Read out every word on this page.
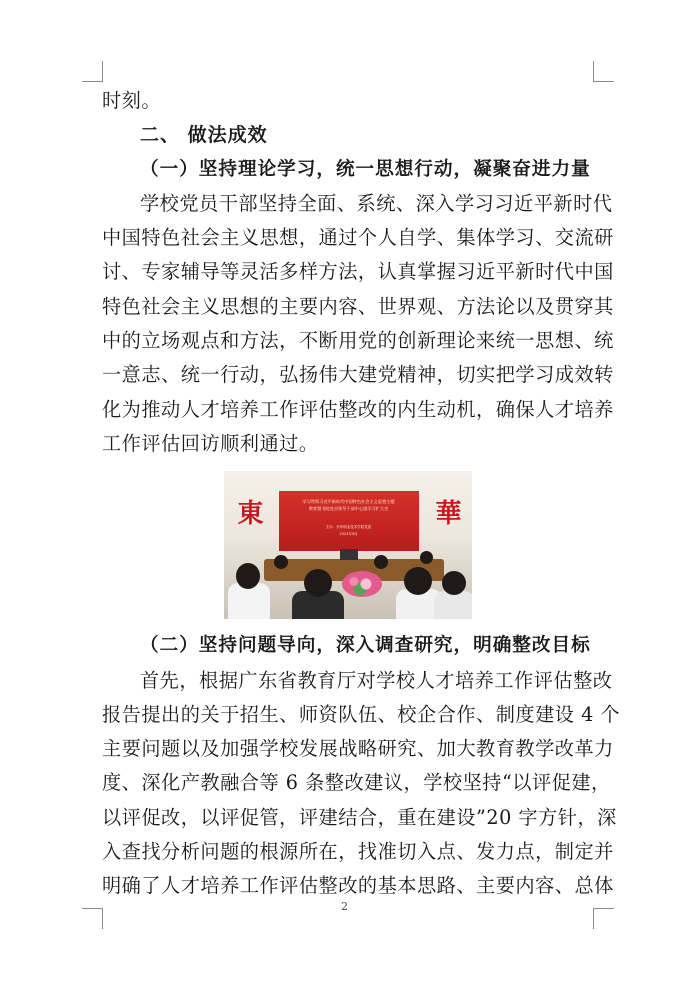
时刻。
二、 做法成效
（一）坚持理论学习，统一思想行动，凝聚奋进力量
学校党员干部坚持全面、系统、深入学习习近平新时代
中国特色社会主义思想，通过个人自学、集体学习、交流研
讨、专家辅导等灵活多样方法，认真掌握习近平新时代中国
特色社会主义思想的主要内容、世界观、方法论以及贯穿其
中的立场观点和方法，不断用党的创新理论来统一思想、统
一意志、统一行动，弘扬伟大建党精神，切实把学习成效转
化为推动人才培养工作评估整改的内生动机，确保人才培养
工作评估回访顺利通过。
東	華
学习贯彻习近平新时代中国特色社会主义思想主题
教育暨书院党员领导干部中心组学习扩大会
主办：东华职业技术学院党委
2023年5月
（二）坚持问题导向，深入调查研究，明确整改目标
首先，根据广东省教育厅对学校人才培养工作评估整改
报告提出的关于招生、师资队伍、校企合作、制度建设 4 个
主要问题以及加强学校发展战略研究、加大教育教学改革力
度、深化产教融合等 6 条整改建议，学校坚持“以评促建，
以评促改，以评促管，评建结合，重在建设”20 字方针，深
入查找分析问题的根源所在，找准切入点、发力点，制定并
明确了人才培养工作评估整改的基本思路、主要内容、总体
2
